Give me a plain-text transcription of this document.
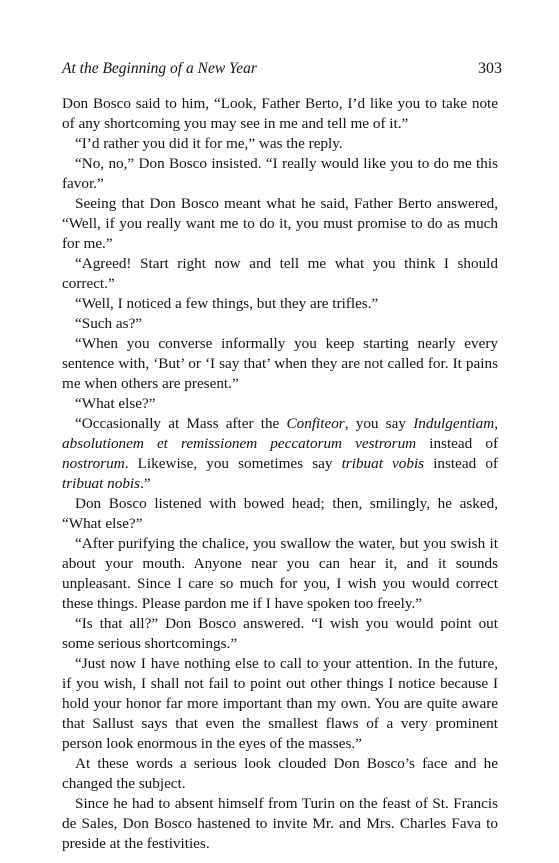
At the Beginning of a New Year	303

Don Bosco said to him, “Look, Father Berto, I’d like you to take note of any shortcoming you may see in me and tell me of it.”

“I’d rather you did it for me,” was the reply.

“No, no,” Don Bosco insisted. “I really would like you to do me this favor.”

Seeing that Don Bosco meant what he said, Father Berto answered, “Well, if you really want me to do it, you must promise to do as much for me.”

“Agreed! Start right now and tell me what you think I should correct.”

“Well, I noticed a few things, but they are trifles.”

“Such as?”

“When you converse informally you keep starting nearly every sentence with, ‘But’ or ‘I say that’ when they are not called for. It pains me when others are present.”

“What else?”

“Occasionally at Mass after the Confiteor, you say Indulgentiam, absolutionem et remissionem peccatorum vestrorum instead of nostrorum. Likewise, you sometimes say tribuat vobis instead of tribuat nobis.”

Don Bosco listened with bowed head; then, smilingly, he asked, “What else?”

“After purifying the chalice, you swallow the water, but you swish it about your mouth. Anyone near you can hear it, and it sounds unpleasant. Since I care so much for you, I wish you would correct these things. Please pardon me if I have spoken too freely.”

“Is that all?” Don Bosco answered. “I wish you would point out some serious shortcomings.”

“Just now I have nothing else to call to your attention. In the future, if you wish, I shall not fail to point out other things I notice because I hold your honor far more important than my own. You are quite aware that Sallust says that even the smallest flaws of a very prominent person look enormous in the eyes of the masses.”

At these words a serious look clouded Don Bosco’s face and he changed the subject.

Since he had to absent himself from Turin on the feast of St. Francis de Sales, Don Bosco hastened to invite Mr. and Mrs. Charles Fava to preside at the festivities.
